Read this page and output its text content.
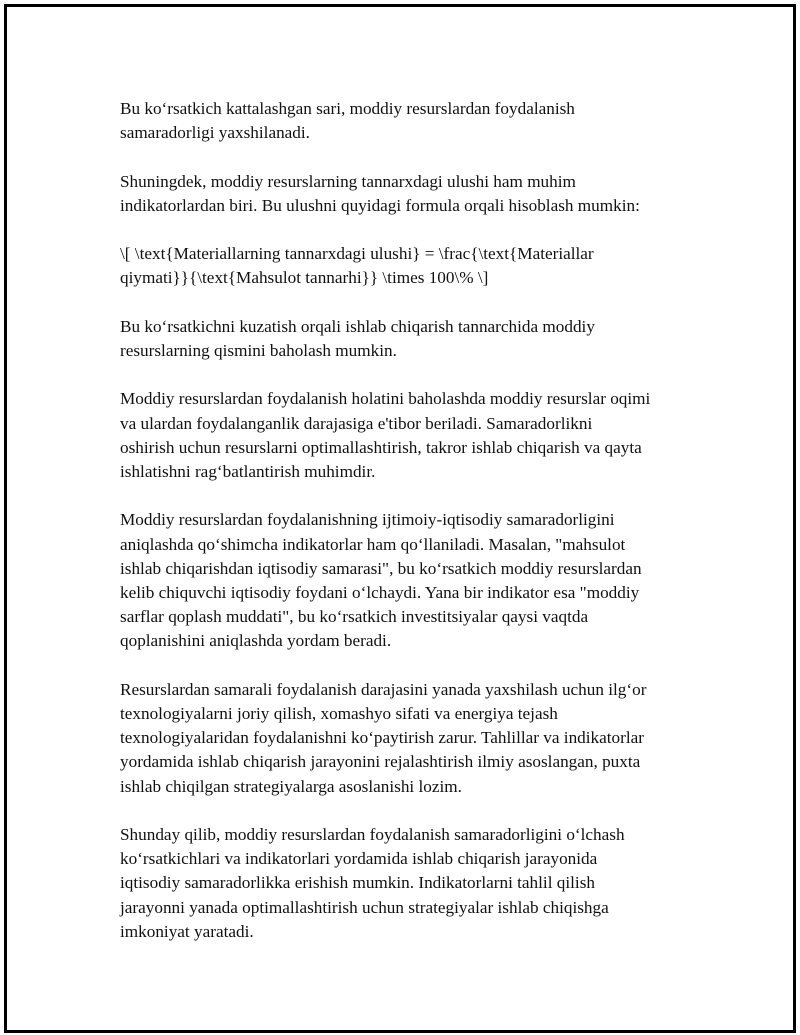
Bu ko‘rsatkich kattalashgan sari, moddiy resurslardan foydalanish
samaradorligi yaxshilanadi.

Shuningdek, moddiy resurslarning tannarxdagi ulushi ham muhim
indikatorlardan biri. Bu ulushni quyidagi formula orqali hisoblash mumkin:

\[ \text{Materiallarning tannarxdagi ulushi} = \frac{\text{Materiallar
qiymati}}{\text{Mahsulot tannarhi}} \times 100\% \]

Bu ko‘rsatkichni kuzatish orqali ishlab chiqarish tannarchida moddiy
resurslarning qismini baholash mumkin.

Moddiy resurslardan foydalanish holatini baholashda moddiy resurslar oqimi
va ulardan foydalanganlik darajasiga e'tibor beriladi. Samaradorlikni
oshirish uchun resurslarni optimallashtirish, takror ishlab chiqarish va qayta
ishlatishni rag‘batlantirish muhimdir.

Moddiy resurslardan foydalanishning ijtimoiy-iqtisodiy samaradorligini
aniqlashda qo‘shimcha indikatorlar ham qo‘llaniladi. Masalan, "mahsulot
ishlab chiqarishdan iqtisodiy samarasi", bu ko‘rsatkich moddiy resurslardan
kelib chiquvchi iqtisodiy foydani o‘lchaydi. Yana bir indikator esa "moddiy
sarflar qoplash muddati", bu ko‘rsatkich investitsiyalar qaysi vaqtda
qoplanishini aniqlashda yordam beradi.

Resurslardan samarali foydalanish darajasini yanada yaxshilash uchun ilg‘or
texnologiyalarni joriy qilish, xomashyo sifati va energiya tejash
texnologiyalaridan foydalanishni ko‘paytirish zarur. Tahlillar va indikatorlar
yordamida ishlab chiqarish jarayonini rejalashtirish ilmiy asoslangan, puxta
ishlab chiqilgan strategiyalarga asoslanishi lozim.

Shunday qilib, moddiy resurslardan foydalanish samaradorligini o‘lchash
ko‘rsatkichlari va indikatorlari yordamida ishlab chiqarish jarayonida
iqtisodiy samaradorlikka erishish mumkin. Indikatorlarni tahlil qilish
jarayonni yanada optimallashtirish uchun strategiyalar ishlab chiqishga
imkoniyat yaratadi.
